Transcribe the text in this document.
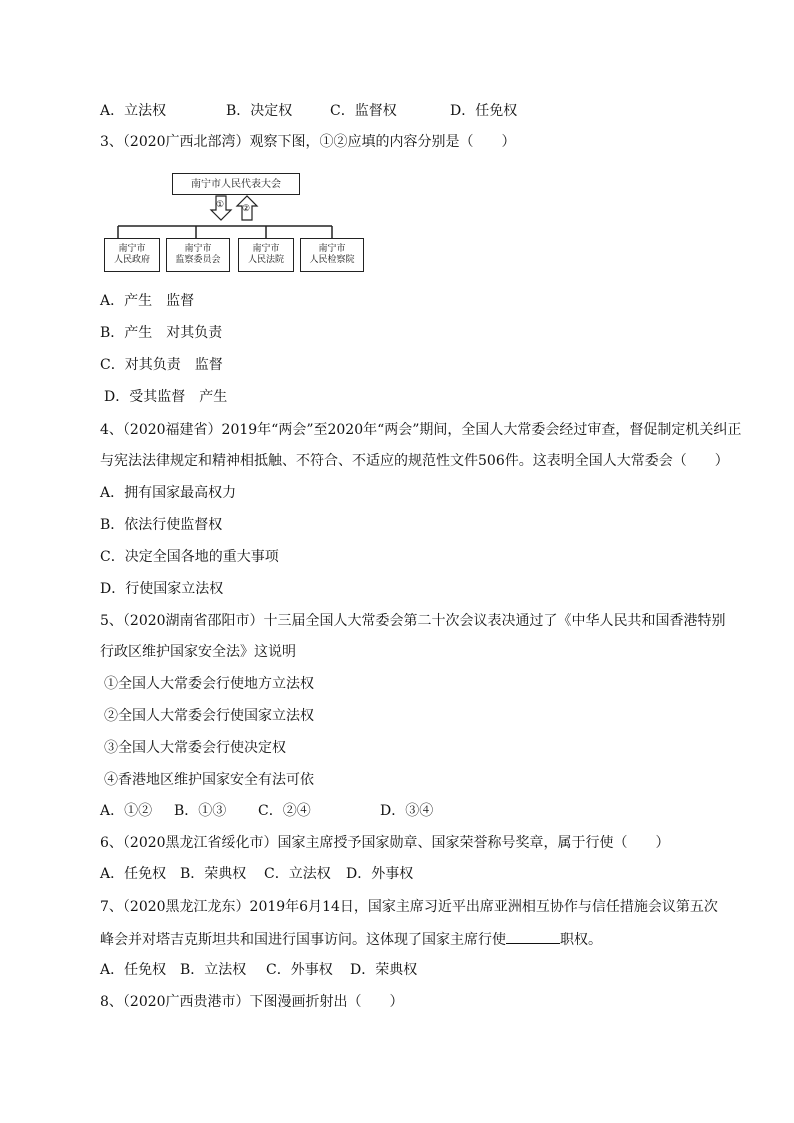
A．立法权	B．决定权	C．监督权	D．任免权
3、（2020广西北部湾）观察下图，①②应填的内容分别是（　　）
南宁市人民代表大会
① ②
南宁市
人民政府
南宁市
监察委员会
南宁市
人民法院
南宁市
人民检察院
A．产生　监督
B．产生　对其负责
C．对其负责　监督
D．受其监督　产生
4、（2020福建省）2019年“两会”至2020年“两会”期间，全国人大常委会经过审查，督促制定机关纠正
与宪法法律规定和精神相抵触、不符合、不适应的规范性文件506件。这表明全国人大常委会（　　）
A．拥有国家最高权力
B．依法行使监督权
C．决定全国各地的重大事项
D．行使国家立法权
5、（2020湖南省邵阳市）十三届全国人大常委会第二十次会议表决通过了《中华人民共和国香港特别
行政区维护国家安全法》这说明
①全国人大常委会行使地方立法权
②全国人大常委会行使国家立法权
③全国人大常委会行使决定权
④香港地区维护国家安全有法可依
A．①② B．①③ C．②④	D．③④
6、（2020黑龙江省绥化市）国家主席授予国家勋章、国家荣誉称号奖章，属于行使（　　）
A．任免权 B．荣典权 C．立法权 D．外事权
7、（2020黑龙江龙东）2019年6月14日，国家主席习近平出席亚洲相互协作与信任措施会议第五次
峰会并对塔吉克斯坦共和国进行国事访问。这体现了国家主席行使	职权。
A．任免权 B．立法权 C．外事权 D．荣典权
8、（2020广西贵港市）下图漫画折射出（　　）
